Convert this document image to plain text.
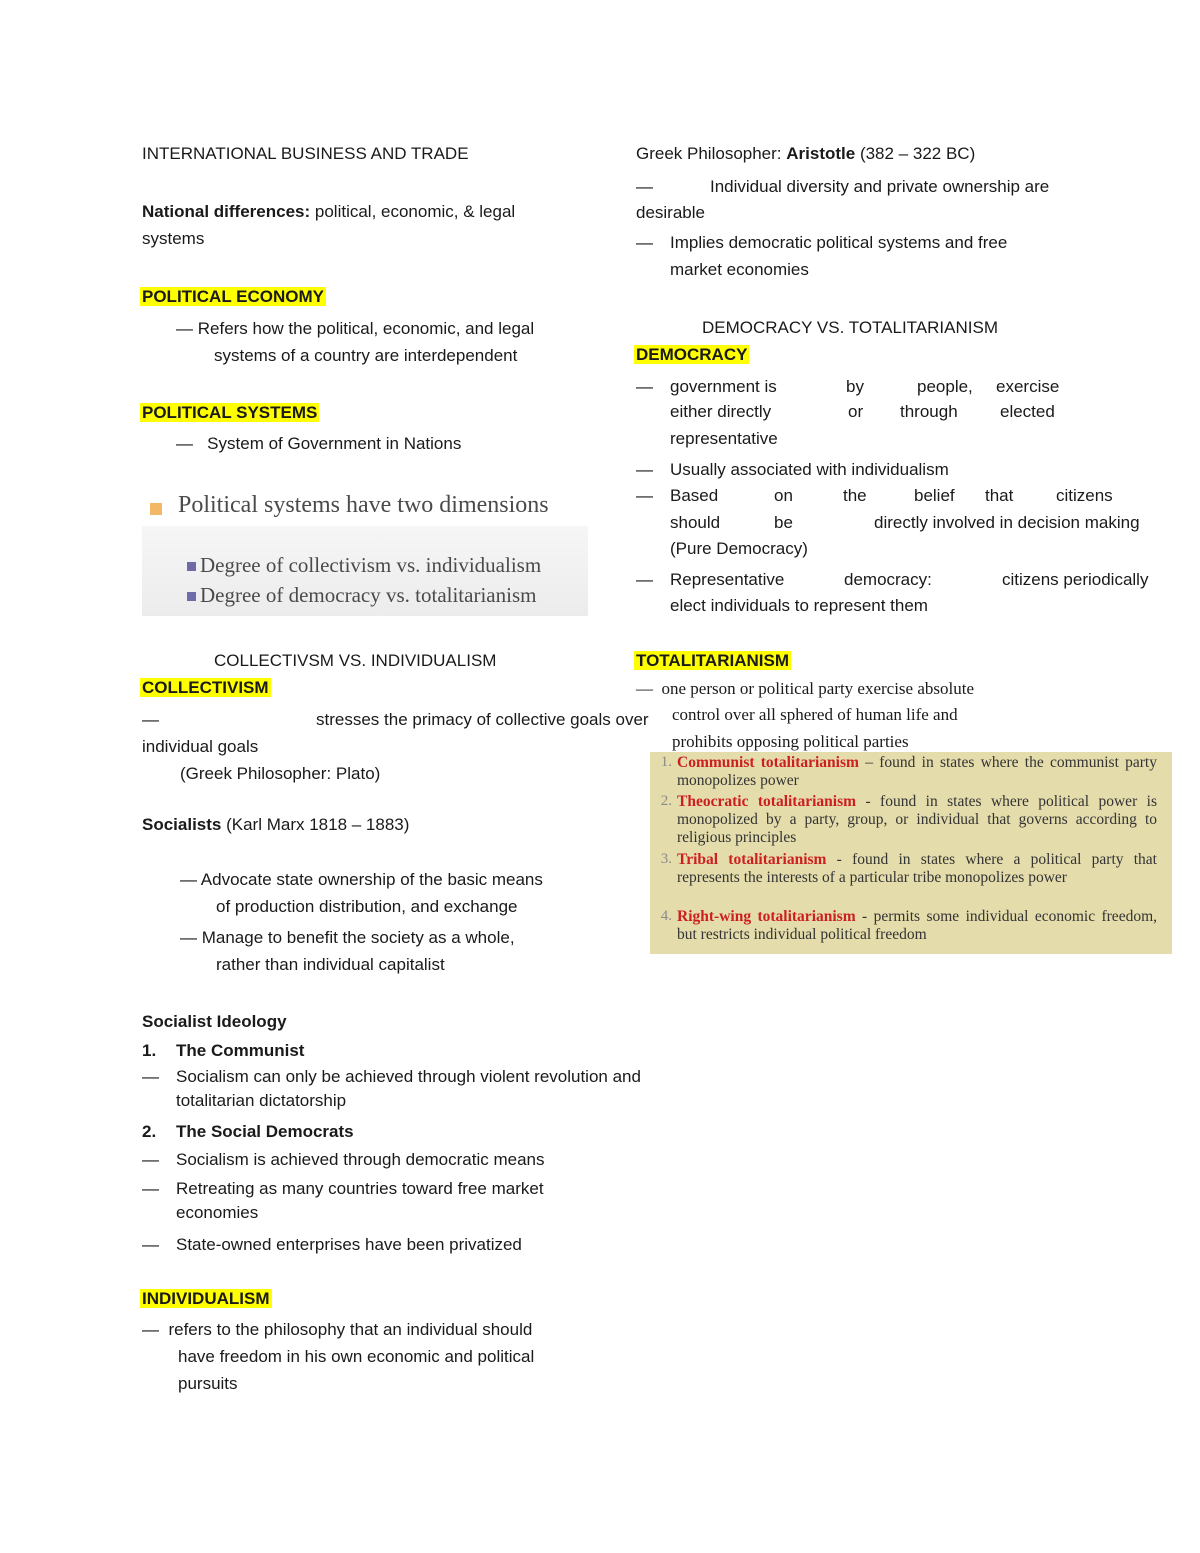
INTERNATIONAL BUSINESS AND TRADE
National differences: political, economic, & legal
systems
POLITICAL ECONOMY
— Refers how the political, economic, and legal
systems of a country are interdependent
POLITICAL SYSTEMS
— System of Government in Nations
Political systems have two dimensions
Degree of collectivism vs. individualism
Degree of democracy vs. totalitarianism
COLLECTIVSM VS. INDIVIDUALISM
COLLECTIVISM
—
stresses the primacy of collective goals over
individual goals
(Greek Philosopher: Plato)
Socialists (Karl Marx 1818 – 1883)
— Advocate state ownership of the basic means
of production distribution, and exchange
— Manage to benefit the society as a whole,
rather than individual capitalist
Socialist Ideology
1. The Communist
—
Socialism can only be achieved through violent revolution and
totalitarian dictatorship
2. The Social Democrats
—
Socialism is achieved through democratic means
—
Retreating as many countries toward free market
economies
—
State-owned enterprises have been privatized
INDIVIDUALISM
— refers to the philosophy that an individual should
have freedom in his own economic and political
pursuits
Greek Philosopher: Aristotle (382 – 322 BC)
—
Individual diversity and private ownership are
desirable
—
Implies democratic political systems and free
market economies
DEMOCRACY VS. TOTALITARIANISM
DEMOCRACY
—
government is	by	people, exercise
either directly	or through elected
representative
—
Usually associated with individualism
—
Based	on	the	belief that	citizens
should	be	directly involved in decision making
(Pure Democracy)
—
Representative	democracy:	citizens periodically
elect individuals to represent them
TOTALITARIANISM
— one person or political party exercise absolute
control over all sphered of human life and
prohibits opposing political parties
1. Communist totalitarianism – found in states where the communist party monopolizes power
2. Theocratic totalitarianism - found in states where political power is monopolized by a party, group, or individual that governs according to religious principles
3. Tribal totalitarianism - found in states where a political party that represents the interests of a particular tribe monopolizes power
4. Right-wing totalitarianism - permits some individual economic freedom, but restricts individual political freedom
